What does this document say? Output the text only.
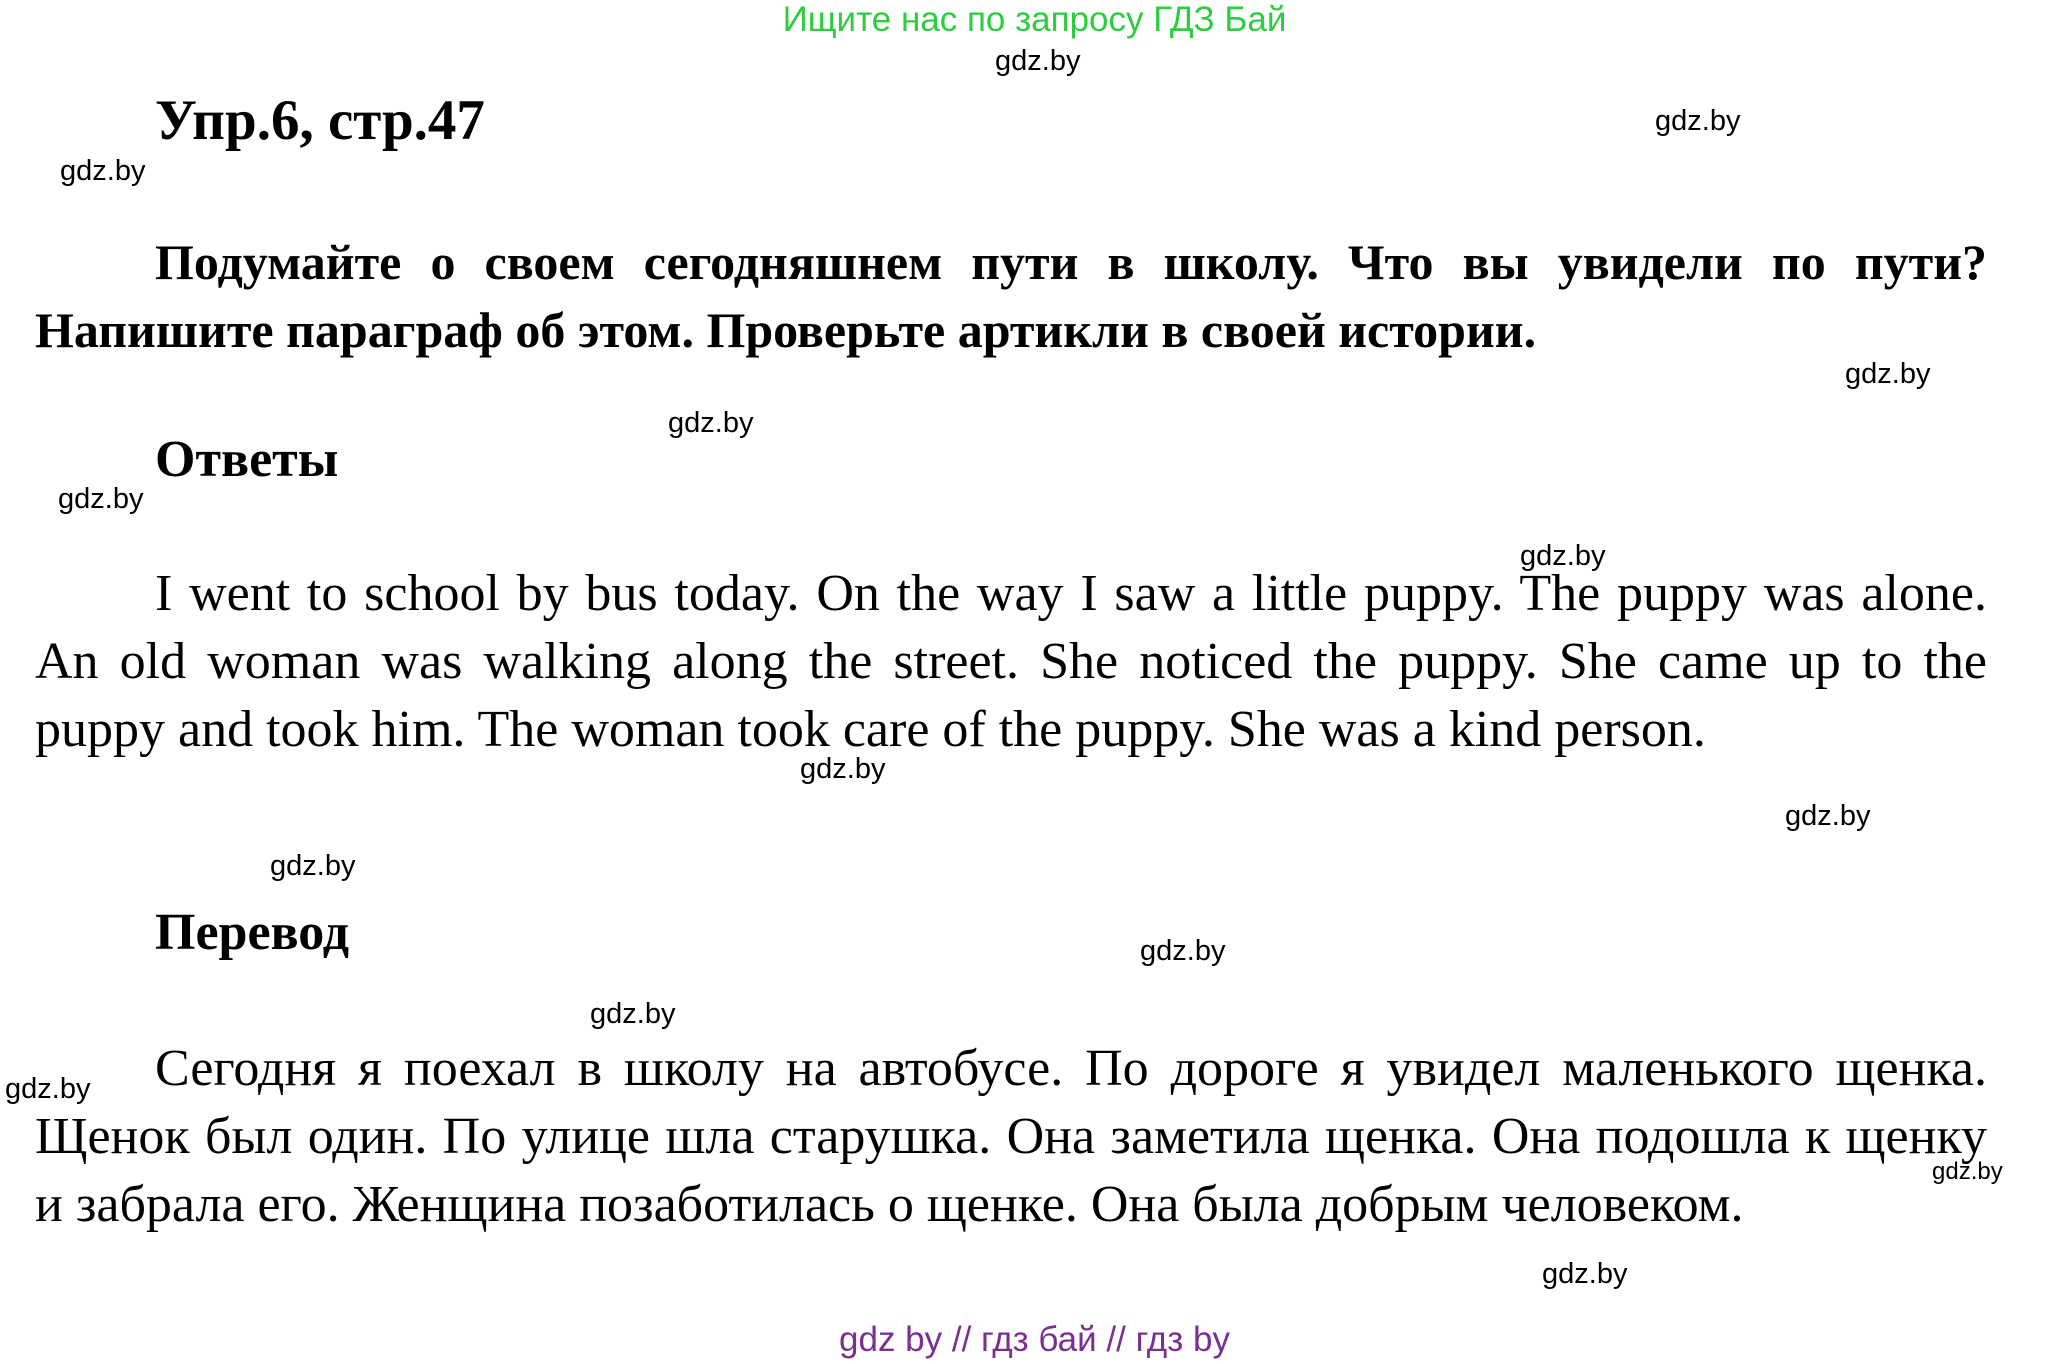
Ищите нас по запросу ГДЗ Бай
Упр.6, стр.47
Подумайте о своем сегодняшнем пути в школу. Что вы увидели по пути? Напишите параграф об этом. Проверьте артикли в своей истории.
Ответы
I went to school by bus today. On the way I saw a little puppy. The puppy was alone. An old woman was walking along the street. She noticed the puppy. She came up to the puppy and took him. The woman took care of the puppy. She was a kind person.
Перевод
Сегодня я поехал в школу на автобусе. По дороге я увидел маленького щенка. Щенок был один. По улице шла старушка. Она заметила щенка. Она подошла к щенку и забрала его. Женщина позаботилась о щенке. Она была добрым человеком.
gdz.by
gdz.by
gdz.by
gdz.by
gdz.by
gdz.by
gdz.by
gdz.by
gdz.by
gdz.by
gdz.by
gdz.by
gdz.by
gdz.by
gdz.by
gdz by // гдз бай // гдз by
